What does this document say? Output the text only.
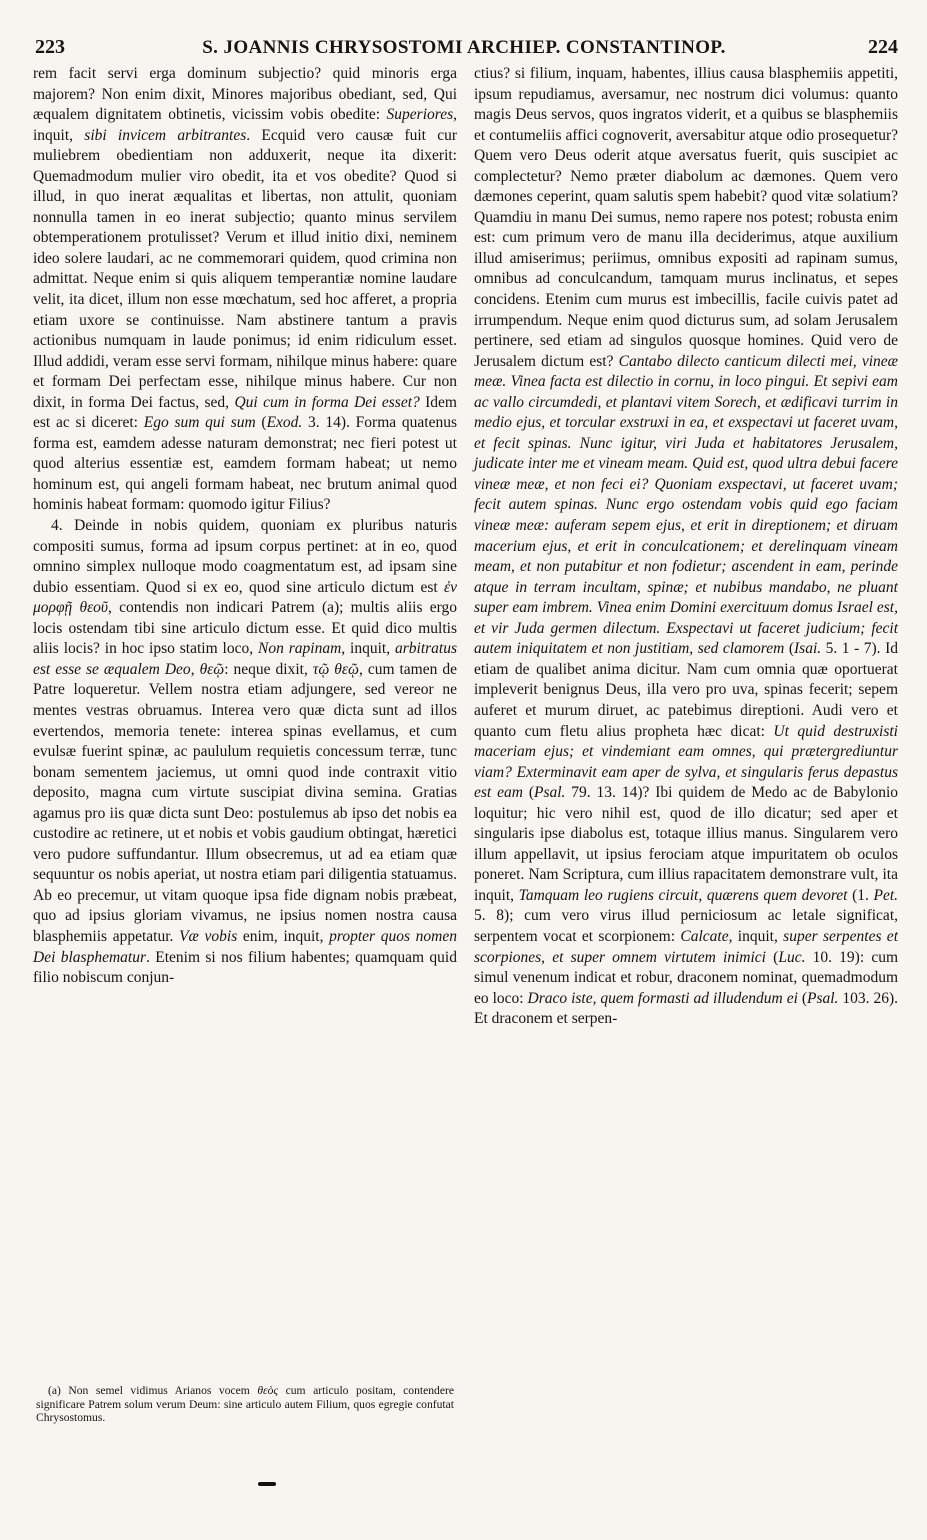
223	S. JOANNIS CHRYSOSTOMI ARCHIEP. CONSTANTINOP.	224

rem facit servi erga dominum subjectio? quid minoris erga majorem? Non enim dixit, Minores majoribus obediant, sed, Qui æqualem dignitatem obtinetis, vicissim vobis obedite: Superiores, inquit, sibi invicem arbitrantes. Ecquid vero causæ fuit cur muliebrem obedientiam non adduxerit, neque ita dixerit: Quemadmodum mulier viro obedit, ita et vos obedite? Quod si illud, in quo inerat æqualitas et libertas, non attulit, quoniam nonnulla tamen in eo inerat subjectio; quanto minus servilem obtemperationem protulisset? Verum et illud initio dixi, neminem ideo solere laudari, ac ne commemorari quidem, quod crimina non admittat. Neque enim si quis aliquem temperantiæ nomine laudare velit, ita dicet, illum non esse mœchatum, sed hoc afferet, a propria etiam uxore se continuisse. Nam abstinere tantum a pravis actionibus numquam in laude ponimus; id enim ridiculum esset. Illud addidi, veram esse servi formam, nihilque minus habere: quare et formam Dei perfectam esse, nihilque minus habere. Cur non dixit, in forma Dei factus, sed, Qui cum in forma Dei esset? Idem est ac si diceret: Ego sum qui sum (Exod. 3. 14). Forma quatenus forma est, eamdem adesse naturam demonstrat; nec fieri potest ut quod alterius essentiæ est, eamdem formam habeat; ut nemo hominum est, qui angeli formam habeat, nec brutum animal quod hominis habeat formam: quomodo igitur Filius?

4. Deinde in nobis quidem, quoniam ex pluribus naturis compositi sumus, forma ad ipsum corpus pertinet: at in eo, quod omnino simplex nulloque modo coagmentatum est, ad ipsam sine dubio essentiam. Quod si ex eo, quod sine articulo dictum est ἐν μορφῇ θεοῦ, contendis non indicari Patrem (a); multis aliis ergo locis ostendam tibi sine articulo dictum esse. Et quid dico multis aliis locis? in hoc ipso statim loco, Non rapinam, inquit, arbitratus est esse se æqualem Deo, θεῷ: neque dixit, τῷ θεῷ, cum tamen de Patre loqueretur. Vellem nostra etiam adjungere, sed vereor ne mentes vestras obruamus. Interea vero quæ dicta sunt ad illos evertendos, memoria tenete: interea spinas evellamus, et cum evulsæ fuerint spinæ, ac paululum requietis concessum terræ, tunc bonam sementem jaciemus, ut omni quod inde contraxit vitio deposito, magna cum virtute suscipiat divina semina. Gratias agamus pro iis quæ dicta sunt Deo: postulemus ab ipso det nobis ea custodire ac retinere, ut et nobis et vobis gaudium obtingat, hæretici vero pudore suffundantur. Illum obsecremus, ut ad ea etiam quæ sequuntur os nobis aperiat, ut nostra etiam pari diligentia statuamus. Ab eo precemur, ut vitam quoque ipsa fide dignam nobis præbeat, quo ad ipsius gloriam vivamus, ne ipsius nomen nostra causa blasphemiis appetatur. Væ vobis enim, inquit, propter quos nomen Dei blasphematur. Etenim si nos filium habentes; quamquam quid filio nobiscum conjun-

ctius? si filium, inquam, habentes, illius causa blasphemiis appetiti, ipsum repudiamus, aversamur, nec nostrum dici volumus: quanto magis Deus servos, quos ingratos viderit, et a quibus se blasphemiis et contumeliis affici cognoverit, aversabitur atque odio prosequetur? Quem vero Deus oderit atque aversatus fuerit, quis suscipiet ac complectetur? Nemo præter diabolum ac dæmones. Quem vero dæmones ceperint, quam salutis spem habebit? quod vitæ solatium? Quamdiu in manu Dei sumus, nemo rapere nos potest; robusta enim est: cum primum vero de manu illa deciderimus, atque auxilium illud amiserimus; periimus, omnibus expositi ad rapinam sumus, omnibus ad conculcandum, tamquam murus inclinatus, et sepes concidens. Etenim cum murus est imbecillis, facile cuivis patet ad irrumpendum. Neque enim quod dicturus sum, ad solam Jerusalem pertinere, sed etiam ad singulos quosque homines. Quid vero de Jerusalem dictum est? Cantabo dilecto canticum dilecti mei, vineæ meæ. Vinea facta est dilectio in cornu, in loco pingui. Et sepivi eam ac vallo circumdedi, et plantavi vitem Sorech, et ædificavi turrim in medio ejus, et torcular exstruxi in ea, et exspectavi ut faceret uvam, et fecit spinas. Nunc igitur, viri Juda et habitatores Jerusalem, judicate inter me et vineam meam. Quid est, quod ultra debui facere vineæ meæ, et non feci ei? Quoniam exspectavi, ut faceret uvam; fecit autem spinas. Nunc ergo ostendam vobis quid ego faciam vineæ meæ: auferam sepem ejus, et erit in direptionem; et diruam macerium ejus, et erit in conculcationem; et derelinquam vineam meam, et non putabitur et non fodietur; ascendent in eam, perinde atque in terram incultam, spinæ; et nubibus mandabo, ne pluant super eam imbrem. Vinea enim Domini exercituum domus Israel est, et vir Juda germen dilectum. Exspectavi ut faceret judicium; fecit autem iniquitatem et non justitiam, sed clamorem (Isai. 5. 1 - 7). Id etiam de qualibet anima dicitur. Nam cum omnia quæ oportuerat impleverit benignus Deus, illa vero pro uva, spinas fecerit; sepem auferet et murum diruet, ac patebimus direptioni. Audi vero et quanto cum fletu alius propheta hæc dicat: Ut quid destruxisti maceriam ejus; et vindemiant eam omnes, qui prætergrediuntur viam? Exterminavit eam aper de sylva, et singularis ferus depastus est eam (Psal. 79. 13. 14)? Ibi quidem de Medo ac de Babylonio loquitur; hic vero nihil est, quod de illo dicatur; sed aper et singularis ipse diabolus est, totaque illius manus. Singularem vero illum appellavit, ut ipsius ferociam atque impuritatem ob oculos poneret. Nam Scriptura, cum illius rapacitatem demonstrare vult, ita inquit, Tamquam leo rugiens circuit, quærens quem devoret (1. Pet. 5. 8); cum vero virus illud perniciosum ac letale significat, serpentem vocat et scorpionem: Calcate, inquit, super serpentes et scorpiones, et super omnem virtutem inimici (Luc. 10. 19): cum simul venenum indicat et robur, draconem nominat, quemadmodum eo loco: Draco iste, quem formasti ad illudendum ei (Psal. 103. 26). Et draconem et serpen-

(a) Non semel vidimus Arianos vocem θεὸς cum articulo positam, contendere significare Patrem solum verum Deum: sine articulo autem Filium, quos egregie confutat Chrysostomus.
